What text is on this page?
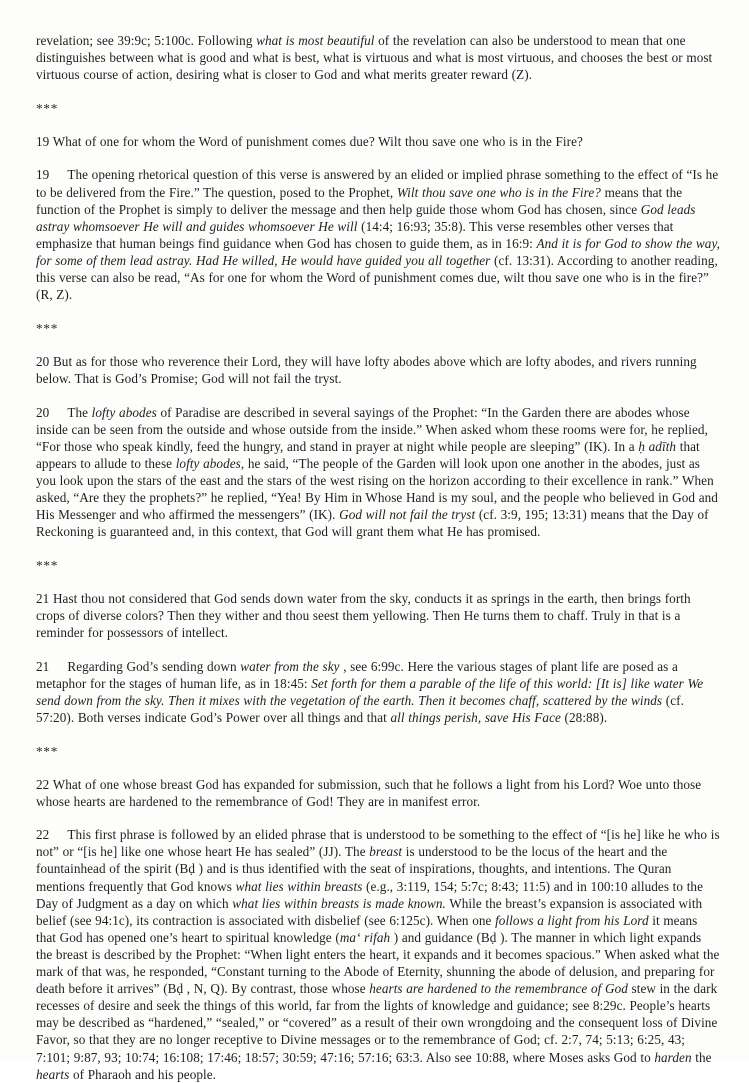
revelation; see 39:9c; 5:100c. Following what is most beautiful of the revelation can also be understood to mean that one distinguishes between what is good and what is best, what is virtuous and what is most virtuous, and chooses the best or most virtuous course of action, desiring what is closer to God and what merits greater reward (Z).

***

19 What of one for whom the Word of punishment comes due? Wilt thou save one who is in the Fire?

19 The opening rhetorical question of this verse is answered by an elided or implied phrase something to the effect of “Is he to be delivered from the Fire.” The question, posed to the Prophet, Wilt thou save one who is in the Fire? means that the function of the Prophet is simply to deliver the message and then help guide those whom God has chosen, since God leads astray whomsoever He will and guides whomsoever He will (14:4; 16:93; 35:8). This verse resembles other verses that emphasize that human beings find guidance when God has chosen to guide them, as in 16:9: And it is for God to show the way, for some of them lead astray. Had He willed, He would have guided you all together (cf. 13:31). According to another reading, this verse can also be read, “As for one for whom the Word of punishment comes due, wilt thou save one who is in the fire?” (R, Z).

***

20 But as for those who reverence their Lord, they will have lofty abodes above which are lofty abodes, and rivers running below. That is God’s Promise; God will not fail the tryst.

20 The lofty abodes of Paradise are described in several sayings of the Prophet: “In the Garden there are abodes whose inside can be seen from the outside and whose outside from the inside.” When asked whom these rooms were for, he replied, “For those who speak kindly, feed the hungry, and stand in prayer at night while people are sleeping” (IK). In a ḥ adīth that appears to allude to these lofty abodes, he said, “The people of the Garden will look upon one another in the abodes, just as you look upon the stars of the east and the stars of the west rising on the horizon according to their excellence in rank.” When asked, “Are they the prophets?” he replied, “Yea! By Him in Whose Hand is my soul, and the people who believed in God and His Messenger and who affirmed the messengers” (IK). God will not fail the tryst (cf. 3:9, 195; 13:31) means that the Day of Reckoning is guaranteed and, in this context, that God will grant them what He has promised.

***

21 Hast thou not considered that God sends down water from the sky, conducts it as springs in the earth, then brings forth crops of diverse colors? Then they wither and thou seest them yellowing. Then He turns them to chaff. Truly in that is a reminder for possessors of intellect.

21 Regarding God’s sending down water from the sky , see 6:99c. Here the various stages of plant life are posed as a metaphor for the stages of human life, as in 18:45: Set forth for them a parable of the life of this world: [It is] like water We send down from the sky. Then it mixes with the vegetation of the earth. Then it becomes chaff, scattered by the winds (cf. 57:20). Both verses indicate God’s Power over all things and that all things perish, save His Face (28:88).

***

22 What of one whose breast God has expanded for submission, such that he follows a light from his Lord? Woe unto those whose hearts are hardened to the remembrance of God! They are in manifest error.

22 This first phrase is followed by an elided phrase that is understood to be something to the effect of “[is he] like he who is not” or “[is he] like one whose heart He has sealed” (JJ). The breast is understood to be the locus of the heart and the fountainhead of the spirit (Bḍ ) and is thus identified with the seat of inspirations, thoughts, and intentions. The Quran mentions frequently that God knows what lies within breasts (e.g., 3:119, 154; 5:7c; 8:43; 11:5) and in 100:10 alludes to the Day of Judgment as a day on which what lies within breasts is made known. While the breast’s expansion is associated with belief (see 94:1c), its contraction is associated with disbelief (see 6:125c). When one follows a light from his Lord it means that God has opened one’s heart to spiritual knowledge (ma‘ rifah ) and guidance (Bḍ ). The manner in which light expands the breast is described by the Prophet: “When light enters the heart, it expands and it becomes spacious.” When asked what the mark of that was, he responded, “Constant turning to the Abode of Eternity, shunning the abode of delusion, and preparing for death before it arrives” (Bḍ , N, Q). By contrast, those whose hearts are hardened to the remembrance of God stew in the dark recesses of desire and seek the things of this world, far from the lights of knowledge and guidance; see 8:29c. People’s hearts may be described as “hardened,” “sealed,” or “covered” as a result of their own wrongdoing and the consequent loss of Divine Favor, so that they are no longer receptive to Divine messages or to the remembrance of God; cf. 2:7, 74; 5:13; 6:25, 43; 7:101; 9:87, 93; 10:74; 16:108; 17:46; 18:57; 30:59; 47:16; 57:16; 63:3. Also see 10:88, where Moses asks God to harden the hearts of Pharaoh and his people.
